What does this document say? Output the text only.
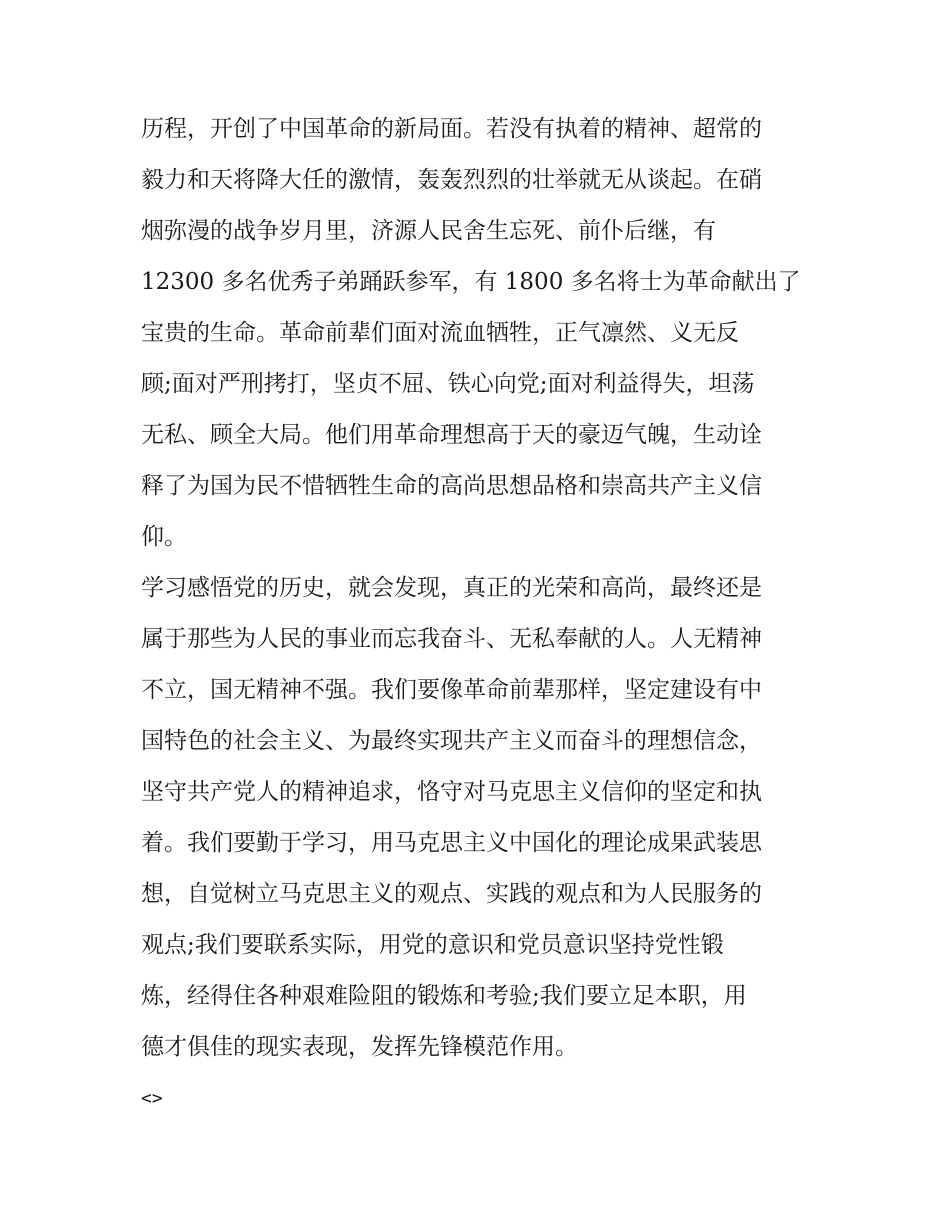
历程，开创了中国革命的新局面。若没有执着的精神、超常的
毅力和天将降大任的激情，轰轰烈烈的壮举就无从谈起。在硝
烟弥漫的战争岁月里，济源人民舍生忘死、前仆后继，有
12300 多名优秀子弟踊跃参军，有 1800 多名将士为革命献出了
宝贵的生命。革命前辈们面对流血牺牲，正气凛然、义无反
顾;面对严刑拷打，坚贞不屈、铁心向党;面对利益得失，坦荡
无私、顾全大局。他们用革命理想高于天的豪迈气魄，生动诠
释了为国为民不惜牺牲生命的高尚思想品格和崇高共产主义信
仰。
学习感悟党的历史，就会发现，真正的光荣和高尚，最终还是
属于那些为人民的事业而忘我奋斗、无私奉献的人。人无精神
不立，国无精神不强。我们要像革命前辈那样，坚定建设有中
国特色的社会主义、为最终实现共产主义而奋斗的理想信念，
坚守共产党人的精神追求，恪守对马克思主义信仰的坚定和执
着。我们要勤于学习，用马克思主义中国化的理论成果武装思
想，自觉树立马克思主义的观点、实践的观点和为人民服务的
观点;我们要联系实际，用党的意识和党员意识坚持党性锻
炼，经得住各种艰难险阻的锻炼和考验;我们要立足本职，用
德才俱佳的现实表现，发挥先锋模范作用。
<>
